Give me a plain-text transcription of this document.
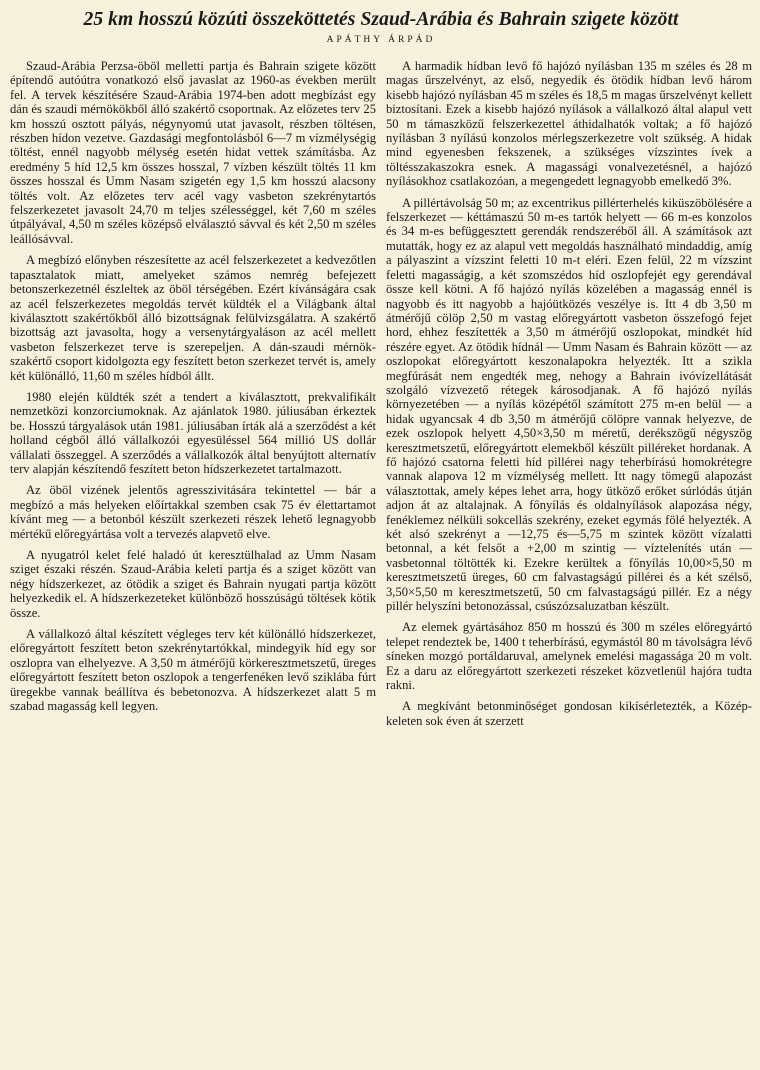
25 km hosszú közúti összeköttetés Szaud-Arábia és Bahrain szigete között
APÁTHY ÁRPÁD

Szaud-Arábia Perzsa-öböl melletti partja és Bahrain szigete között építendő autóútra vonatkozó első javaslat az 1960-as években merült fel. A tervek készítésére Szaud-Arábia 1974-ben adott megbízást egy dán és szaudi mérnökökből álló szakértő csoportnak. Az előzetes terv 25 km hosszú osztott pályás, négynyomú utat javasolt, részben töltésen, részben hídon vezetve. Gazdasági megfontolásból 6—7 m vízmélységig töltést, ennél nagyobb mélység esetén hidat vettek számításba. Az eredmény 5 híd 12,5 km összes hosszal, 7 vízben készült töltés 11 km összes hosszal és Umm Nasam szigetén egy 1,5 km hosszú alacsony töltés volt. Az előzetes terv acél vagy vasbeton szekrénytartós felszerkezetet javasolt 24,70 m teljes szélességgel, két 7,60 m széles útpályával, 4,50 m széles középső elválasztó sávval és két 2,50 m széles leállósávval.

A megbízó előnyben részesítette az acél felszerkezetet a kedvezőtlen tapasztalatok miatt, amelyeket számos nemrég befejezett betonszerkezetnél észleltek az öböl térségében. Ezért kívánságára csak az acél felszerkezetes megoldás tervét küldték el a Világbank által kiválasztott szakértőkből álló bizottságnak felülvizsgálatra. A szakértő bizottság azt javasolta, hogy a versenytárgyaláson az acél mellett vasbeton felszerkezet terve is szerepeljen. A dán-szaudi mérnök-szakértő csoport kidolgozta egy feszített beton szerkezet tervét is, amely két különálló, 11,60 m széles hídból állt.

1980 elején küldték szét a tendert a kiválasztott, prekvalifikált nemzetközi konzorciumoknak. Az ajánlatok 1980. júliusában érkeztek be. Hosszú tárgyalások után 1981. júliusában írták alá a szerződést a két holland cégből álló vállalkozói egyesüléssel 564 millió US dollár vállalati összeggel. A szerződés a vállalkozók által benyújtott alternatív terv alapján készítendő feszített beton hídszerkezetet tartalmazott.

Az öböl vizének jelentős agresszivitására tekintettel — bár a megbízó a más helyeken előírtakkal szemben csak 75 év élettartamot kívánt meg — a betonból készült szerkezeti részek lehető legnagyobb mértékű előregyártása volt a tervezés alapvető elve.

A nyugatról kelet felé haladó út keresztülhalad az Umm Nasam sziget északi részén. Szaud-Arábia keleti partja és a sziget között van négy hídszerkezet, az ötödik a sziget és Bahrain nyugati partja között helyezkedik el. A hídszerkezeteket különböző hosszúságú töltések kötik össze.

A vállalkozó által készített végleges terv két különálló hídszerkezet, előregyártott feszített beton szekrénytartókkal, mindegyik híd egy sor oszlopra van elhelyezve. A 3,50 m átmérőjű körkeresztmetszetű, üreges előregyártott feszített beton oszlopok a tengerfenéken levő sziklába fúrt üregekbe vannak beállítva és bebetonozva. A hídszerkezet alatt 5 m szabad magasság kell legyen.

A harmadik hídban levő fő hajózó nyílásban 135 m széles és 28 m magas űrszelvényt, az első, negyedik és ötödik hídban levő három kisebb hajózó nyílásban 45 m széles és 18,5 m magas űrszelvényt kellett biztosítani. Ezek a kisebb hajózó nyílások a vállalkozó által alapul vett 50 m támaszközű felszerkezettel áthidalhatók voltak; a fő hajózó nyílásban 3 nyílású konzolos mérlegszerkezetre volt szükség. A hidak mind egyenesben fekszenek, a szükséges vízszintes ívek a töltésszakaszokra esnek. A magassági vonalvezetésnél, a hajózó nyílásokhoz csatlakozóan, a megengedett legnagyobb emelkedő 3%.

A pillértávolság 50 m; az excentrikus pillérterhelés kiküszöbölésére a felszerkezet — kéttámaszú 50 m-es tartók helyett — 66 m-es konzolos és 34 m-es befüggesztett gerendák rendszeréből áll. A számítások azt mutatták, hogy ez az alapul vett megoldás használható mindaddig, amíg a pályaszint a vízszint feletti 10 m-t eléri. Ezen felül, 22 m vízszint feletti magasságig, a két szomszédos híd oszlopfejét egy gerendával össze kell kötni. A fő hajózó nyílás közelében a magasság ennél is nagyobb és itt nagyobb a hajóütközés veszélye is. Itt 4 db 3,50 m átmérőjű cölöp 2,50 m vastag előregyártott vasbeton összefogó fejet hord, ehhez feszítették a 3,50 m átmérőjű oszlopokat, mindkét híd részére egyet. Az ötödik hídnál — Umm Nasam és Bahrain között — az oszlopokat előregyártott keszonalapokra helyezték. Itt a sziklа megfúrását nem engedték meg, nehogy a Bahrain ivóvízellátását szolgáló vízvezető rétegek károsodjanak. A fő hajózó nyílás környezetében — a nyílás középétől számított 275 m-en belül — a hidak ugyancsak 4 db 3,50 m átmérőjű cölöpre vannak helyezve, de ezek oszlopok helyett 4,50×3,50 m méretű, derékszögű négyszög keresztmetszetű, előregyártott elemekből készült pilléreket hordanak. A fő hajózó csatorna feletti híd pillérei nagy teherbírású homokrétegre vannak alapova 12 m vízmélység mellett. Itt nagy tömegű alapozást választottak, amely képes lehet arra, hogy ütköző erőket súrlódás útján adjon át az altalajnak. A főnyílás és oldalnyílások alapozása négy, fenéklemez nélküli sokcellás szekrény, ezeket egymás fölé helyezték. A két alsó szekrényt a —12,75 és—5,75 m szintek között vízalatti betonnal, a két felsőt a +2,00 m szintig — víztelenítés után — vasbetonnal töltötték ki. Ezekre kerültek a főnyílás 10,00×5,50 m keresztmetszetű üreges, 60 cm falvastagságú pillérei és a két szélső, 3,50×5,50 m keresztmetszetű, 50 cm falvastagságú pillér. Ez a négy pillér helyszíni betonozással, csúszózsaluzatban készült.

Az elemek gyártásához 850 m hosszú és 300 m széles előregyártó telepet rendeztek be, 1400 t teherbírású, egymástól 80 m távolságra lévő síneken mozgó portáldaruval, amelynek emelési magassága 20 m volt. Ez a daru az előregyártott szerkezeti részeket közvetlenül hajóra tudta rakni.

A megkívánt betonminőséget gondosan kikísérletezték, a Közép-keleten sok éven át szerzett
